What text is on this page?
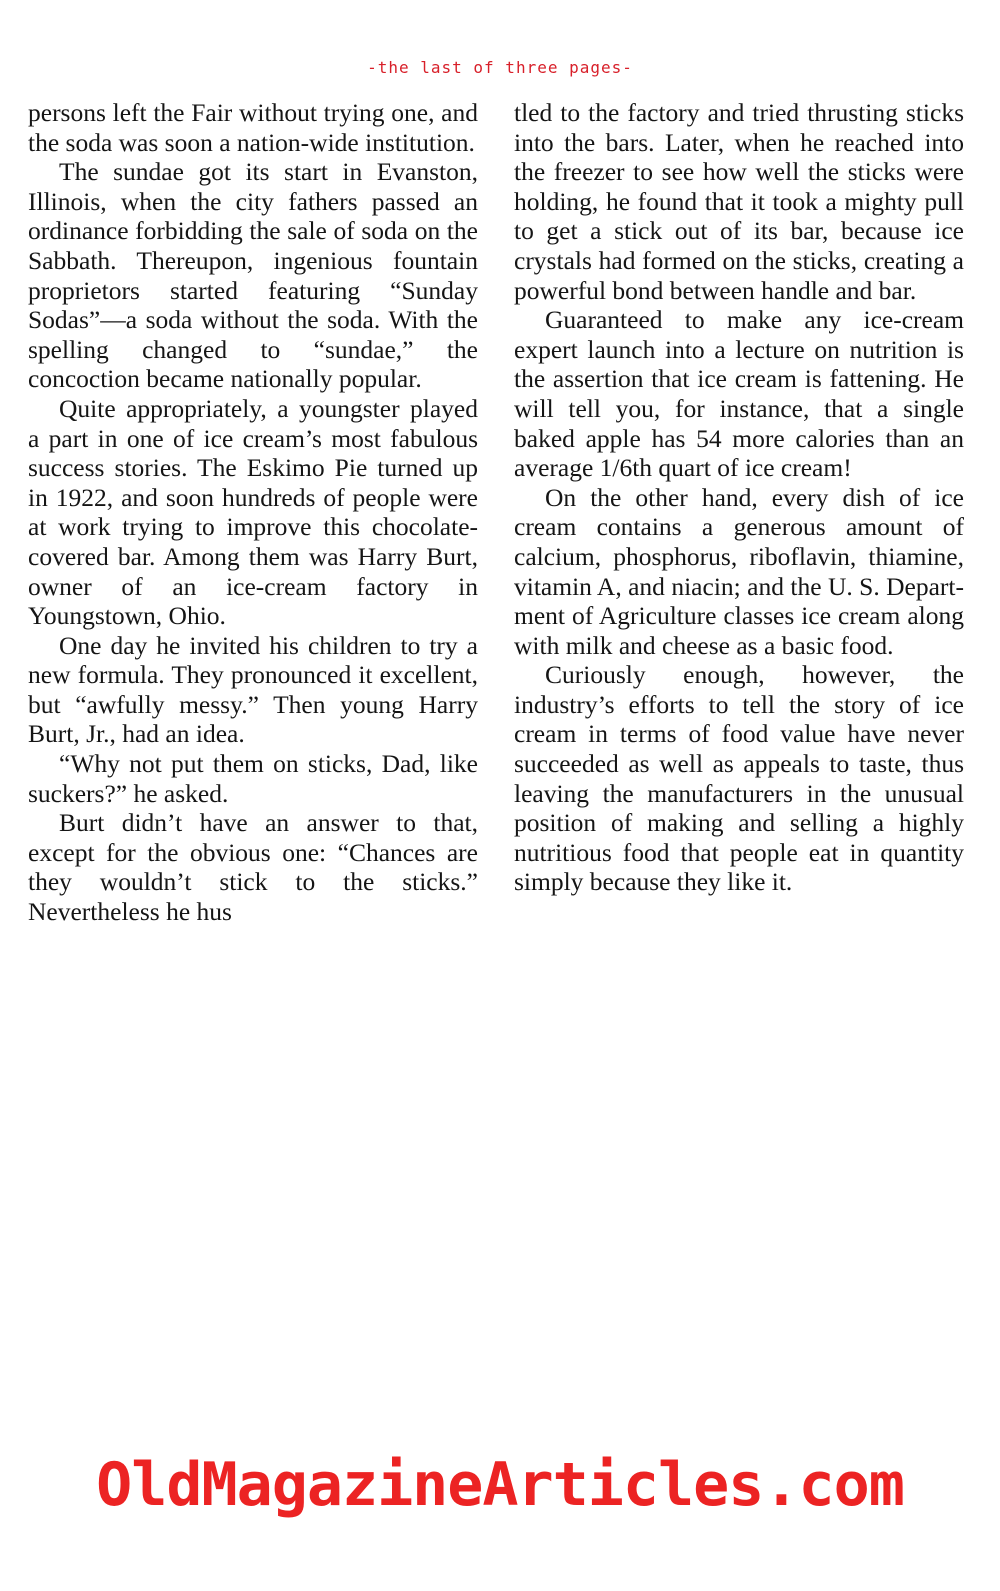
-the last of three pages-

persons left the Fair without trying one, and the soda was soon a nation-wide institution.

The sundae got its start in Evanston, Illinois, when the city fathers passed an ordinance forbidding the sale of soda on the Sabbath. Thereupon, ingenious fountain proprietors started featuring “Sunday Sodas”—a soda without the soda. With the spelling changed to “sundae,” the concoction became nationally popular.

Quite appropriately, a youngster played a part in one of ice cream’s most fabulous success stories. The Eskimo Pie turned up in 1922, and soon hundreds of people were at work trying to improve this chocolate-covered bar. Among them was Harry Burt, owner of an ice-cream factory in Youngstown, Ohio.

One day he invited his children to try a new formula. They pronounced it excellent, but “awfully messy.” Then young Harry Burt, Jr., had an idea.

“Why not put them on sticks, Dad, like suckers?” he asked.

Burt didn’t have an answer to that, except for the obvious one: “Chances are they wouldn’t stick to the sticks.” Nevertheless he hus

tled to the factory and tried thrusting sticks into the bars. Later, when he reached into the freezer to see how well the sticks were holding, he found that it took a mighty pull to get a stick out of its bar, because ice crystals had formed on the sticks, creating a powerful bond between handle and bar.

Guaranteed to make any ice-cream expert launch into a lecture on nutrition is the assertion that ice cream is fattening. He will tell you, for instance, that a single baked apple has 54 more calories than an average 1/6th quart of ice cream!

On the other hand, every dish of ice cream contains a generous amount of calcium, phosphorus, riboflavin, thiamine, vitamin A, and niacin; and the U. S. Department of Agriculture classes ice cream along with milk and cheese as a basic food.

Curiously enough, however, the industry’s efforts to tell the story of ice cream in terms of food value have never succeeded as well as appeals to taste, thus leaving the manufacturers in the unusual position of making and selling a highly nutritious food that people eat in quantity simply because they like it.

OldMagazineArticles.com
